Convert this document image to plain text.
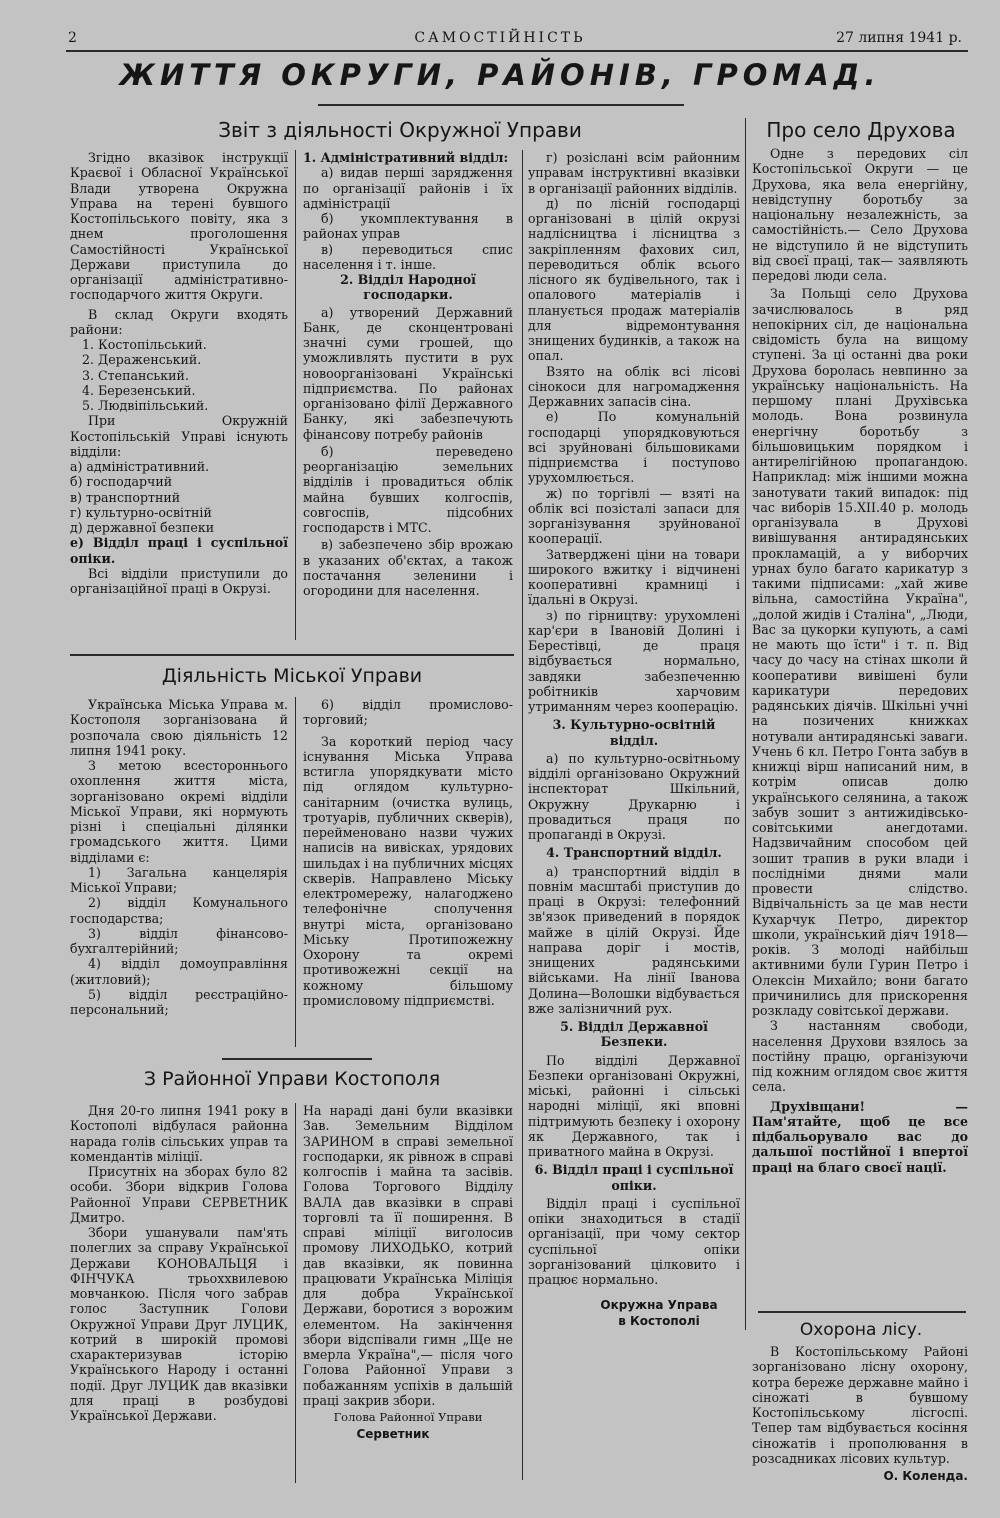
2	САМОСТІЙНІСТЬ	27 липня 1941 р.
ЖИТТЯ ОКРУГИ, РАЙОНІВ, ГРОМАД.
Звіт з діяльності Окружної Управи

Згідно вказівок інструкції Краєвої і Обласної Української Влади утворена Окружна Управа на терені бувшого Костопільського повіту, яка з днем проголошення Самостійності Української Держави приступила до організації адміністративно-господарчого життя Округи.

В склад Округи входять райони:

1. Костопільський.

2. Дераженський.

3. Степанський.

4. Березенський.

5. Людвіпільський.

При Окружній Костопільській Управі існують відділи:

а) адміністративний.

б) господарчий

в) транспортний

г) культурно-освітній

д) державної безпеки

е) Відділ праці і суспільної опіки.

Всі відділи приступили до організаційної праці в Окрузі.

1. Адміністративний відділ:

а) видав перші зарядження по організації районів і їх адміністрації

б) укомплектування в районах управ

в) переводиться спис населення і т. інше.

2. Відділ Народної господарки.

а) утворений Державний Банк, де сконцентровані значні суми грошей, що уможливлять пустити в рух новоорганізовані Українські підприємства. По районах організовано філії Державного Банку, які забезпечують фінансову потребу районів

б) переведено реорганізацію земельних відділів і провадиться облік майна бувших колгоспів, совгоспів, підсобних господарств і МТС.

в) забезпечено збір врожаю в указаних об'єктах, а також постачання зеленини і огородини для населення.

г) розіслані всім районним управам інструктивні вказівки в організації районних відділів.

д) по лісній господарці організовані в цілій окрузі надлісництва і лісництва з закріпленням фахових сил, переводиться облік всього лісного як будівельного, так і опалового матеріалів і планується продаж матеріалів для відремонтування знищених будинків, а також на опал.

Взято на облік всі лісові сінокоси для нагромадження Державних запасів сіна.

е) По комунальній господарці упорядковуються всі зруйновані більшовиками підприємства і поступово урухомлюється.

ж) по торгівлі — взяті на облік всі позісталі запаси для зорганізування зруйнованої кооперації.

Затверджені ціни на товари широкого вжитку і відчинені кооперативні крамниці і їдальні в Окрузі.

з) по гірництву: урухомлені кар'єри в Івановій Долині і Берестівці, де праця відбувається нормально, завдяки забезпеченню робітників харчовим утриманням через кооперацію.

3. Культурно-освітній відділ.

а) по культурно-освітньому відділі організовано Окружний інспекторат Шкільний, Окружну Друкарню і провадиться праця по пропаганді в Окрузі.

4. Транспортний відділ.

а) транспортний відділ в повнім масштабі приступив до праці в Окрузі: телефонний зв'язок приведений в порядок майже в цілій Окрузі. Йде направа доріг і мостів, знищених радянськими військами. На лінії Іванова Долина—Волошки відбувається вже залізничний рух.

5. Відділ Державної Безпеки.

По відділі Державної Безпеки організовані Окружні, міські, районні і сільські народні міліції, які вповні підтримують безпеку і охорону як Державного, так і приватного майна в Окрузі.

6. Відділ праці і суспільної опіки.

Відділ праці і суспільної опіки знаходиться в стадії організації, при чому сектор суспільної опіки зорганізований цілковито і працює нормально.

Окружна Управа

в Костополі

Діяльність Міської Управи

Українська Міська Управа м. Костополя зорганізована й розпочала свою діяльність 12 липня 1941 року.

З метою всестороннього охоплення життя міста, зорганізовано окремі відділи Міської Управи, які нормують різні і спеціальні ділянки громадського життя. Цими відділами є:

1) Загальна канцелярія Міської Управи;

2) відділ Комунального господарства;

3) відділ фінансово-бухгалтерійний;

4) відділ домоуправління (житловий);

5) відділ реєстраційно-персональний;

6) відділ промислово-торговий;

За короткий період часу існування Міська Управа встигла упорядкувати місто під оглядом культурно-санітарним (очистка вулиць, тротуарів, публичних скверів), перейменовано назви чужих написів на вивісках, урядових шильдах і на публичних місцях скверів. Направлено Міську електромережу, налагоджено телефонічне сполучення внутрі міста, організовано Міську Протипожежну Охорону та окремі противожежні секції на кожному більшому промисловому підприємстві.

З Районної Управи Костополя

Дня 20-го липня 1941 року в Костополі відбулася районна нарада голів сільських управ та комендантів міліції.

Присутніх на зборах було 82 особи. Збори відкрив Голова Районної Управи СЕРВЕТНИК Дмитро.

Збори ушанували пам'ять полеглих за справу Української Держави КОНОВАЛЬЦЯ і ФІНЧУКА трьоххвилевою мовчанкою. Після чого забрав голос Заступник Голови Окружної Управи Друг ЛУЦИК, котрий в широкій промові схарактеризував історію Українського Народу і останні події. Друг ЛУЦИК дав вказівки для праці в розбудові Української Держави.

На нараді дані були вказівки Зав. Земельним Відділом ЗАРИНОМ в справі земельної господарки, як рівнож в справі колгоспів і майна та засівів. Голова Торгового Відділу ВАЛА дав вказівки в справі торговлі та її поширення. В справі міліції виголосив промову ЛИХОДЬКО, котрий дав вказівки, як повинна працювати Українська Міліція для добра Української Держави, боротися з ворожим елементом. На закінчення збори відспівали гимн „Ще не вмерла Україна",— після чого Голова Районної Управи з побажанням успіхів в дальшій праці закрив збори.

Голова Районної Управи

Серветник

Про село Друхова

Одне з передових сіл Костопільської Округи — це Друхова, яка вела енергійну, невідступну боротьбу за національну незалежність, за самостійність.— Село Друхова не відступило й не відступить від своєї праці, так— заявляють передові люди села.

За Польщі село Друхова зачислювалось в ряд непокірних сіл, де національна свідомість була на вищому ступені. За ці останні два роки Друхова боролась невпинно за українську національність. На першому плані Друхівська молодь. Вона розвинула енергічну боротьбу з більшовицьким порядком і антирелігійною пропагандою. Наприклад: між іншими можна занотувати такий випадок: під час виборів 15.XII.40 р. молодь організувала в Друхові вивішування антирадянських прокламацій, а у виборчих урнах було багато карикатур з такими підписами: „хай живе вільна, самостійна Україна", „долой жидів і Сталіна", „Люди, Вас за цукорки купують, а самі не мають що їсти" і т. п. Від часу до часу на стінах школи й кооперативи вивішені були карикатури передових радянських діячів. Шкільні учні на позичених книжках нотували антирадянські заваги. Учень 6 кл. Петро Гонта забув в книжці вірш написаний ним, в котрім описав долю українського селянина, а також забув зошит з антижидівсько-совітськими анегдотами. Надзвичайним способом цей зошит трапив в руки влади і послідніми днями мали провести слідство. Відвічальність за це мав нести Кухарчук Петро, директор школи, український діяч 1918—років. З молоді найбільш активними були Гурин Петро і Олексін Михайло; вони багато причинились для прискорення розкладу совітської держави.

З настанням свободи, населення Друхови взялось за постійну працю, організуючи під кожним оглядом своє життя села.

Друхівщани! — Пам'ятайте, щоб це все підбальорувало вас до дальшої постійної і впертої праці на благо своєї нації.

Охорона лісу.

В Костопільському Районі зорганізовано лісну охорону, котра береже державне майно і сіножаті в бувшому Костопільському лісгоспі. Тепер там відбувається косіння сіножатів і прополювання в розсадниках лісових культур.

О. Коленда.
